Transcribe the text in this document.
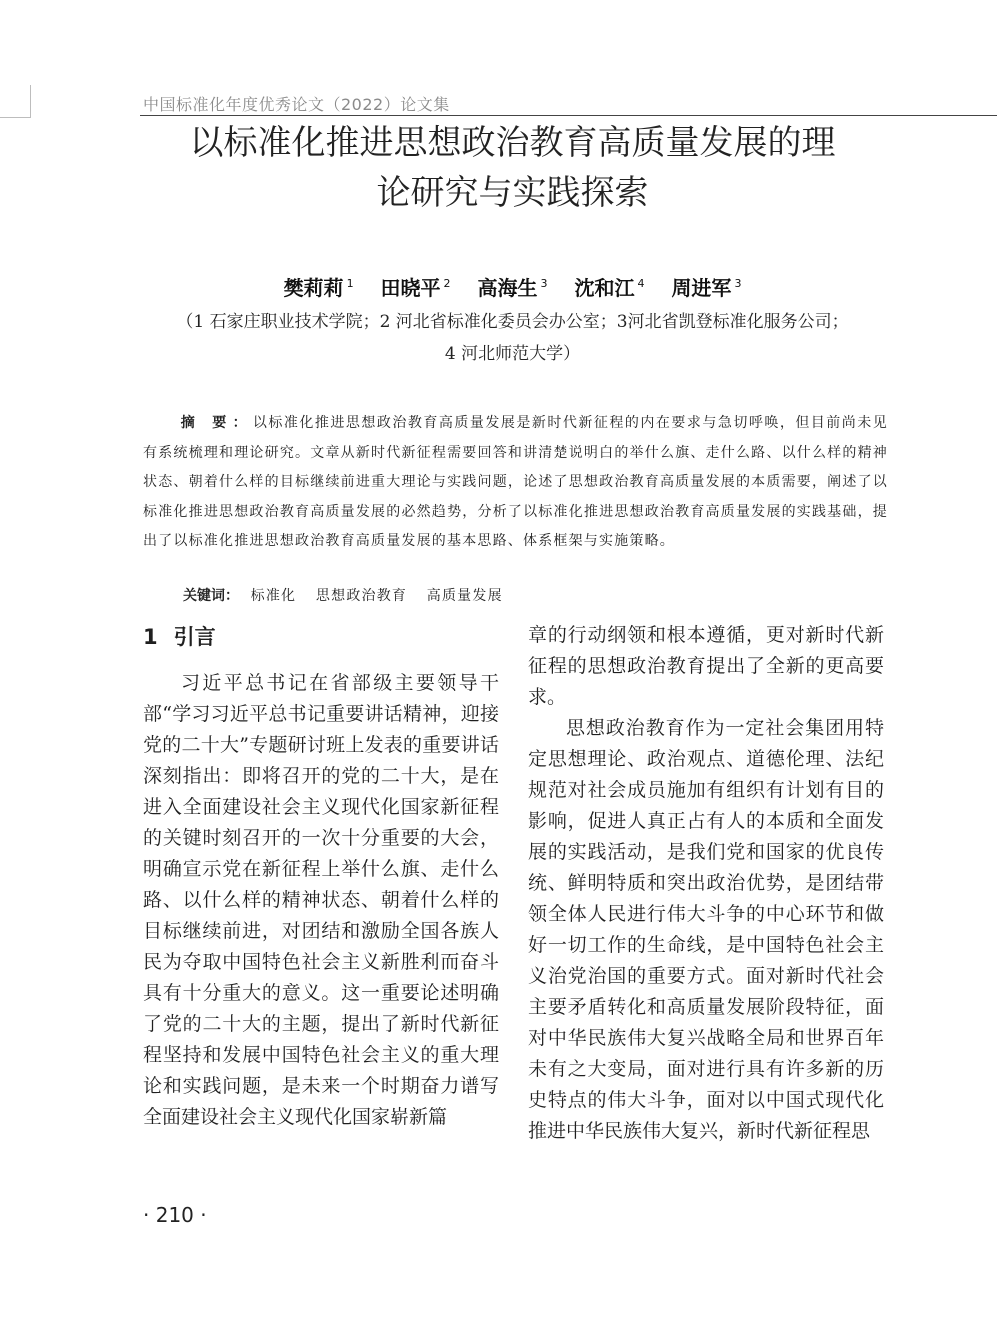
中国标准化年度优秀论文（2022）论文集
以标准化推进思想政治教育高质量发展的理
论研究与实践探索
樊莉莉 $^1$ 田晓平 $^2$ 高海生 $^3$ 沈和江 $^4$ 周进军 $^3$
（1 石家庄职业技术学院；2 河北省标准化委员会办公室；3河北省凯登标准化服务公司；
4 河北师范大学）

摘 要：以标准化推进思想政治教育高质量发展是新时代新征程的内在要求与急切呼唤，但目前尚未见有系统梳理和理论研究。文章从新时代新征程需要回答和讲清楚说明白的举什么旗、走什么路、以什么样的精神状态、朝着什么样的目标继续前进重大理论与实践问题，论述了思想政治教育高质量发展的本质需要，阐述了以标准化推进思想政治教育高质量发展的必然趋势，分析了以标准化推进思想政治教育高质量发展的实践基础，提出了以标准化推进思想政治教育高质量发展的基本思路、体系框架与实施策略。

关键词： 标准化 思想政治教育 高质量发展
1 引言

习近平总书记在省部级主要领导干部“学习习近平总书记重要讲话精神，迎接党的二十大”专题研讨班上发表的重要讲话深刻指出：即将召开的党的二十大，是在进入全面建设社会主义现代化国家新征程的关键时刻召开的一次十分重要的大会，明确宣示党在新征程上举什么旗、走什么路、以什么样的精神状态、朝着什么样的目标继续前进，对团结和激励全国各族人民为夺取中国特色社会主义新胜利而奋斗具有十分重大的意义。这一重要论述明确了党的二十大的主题，提出了新时代新征程坚持和发展中国特色社会主义的重大理论和实践问题，是未来一个时期奋力谱写全面建设社会主义现代化国家崭新篇

章的行动纲领和根本遵循，更对新时代新征程的思想政治教育提出了全新的更高要求。

思想政治教育作为一定社会集团用特定思想理论、政治观点、道德伦理、法纪规范对社会成员施加有组织有计划有目的影响，促进人真正占有人的本质和全面发展的实践活动，是我们党和国家的优良传统、鲜明特质和突出政治优势，是团结带领全体人民进行伟大斗争的中心环节和做好一切工作的生命线，是中国特色社会主义治党治国的重要方式。面对新时代社会主要矛盾转化和高质量发展阶段特征，面对中华民族伟大复兴战略全局和世界百年未有之大变局，面对进行具有许多新的历史特点的伟大斗争，面对以中国式现代化推进中华民族伟大复兴，新时代新征程思

· 210 ·
